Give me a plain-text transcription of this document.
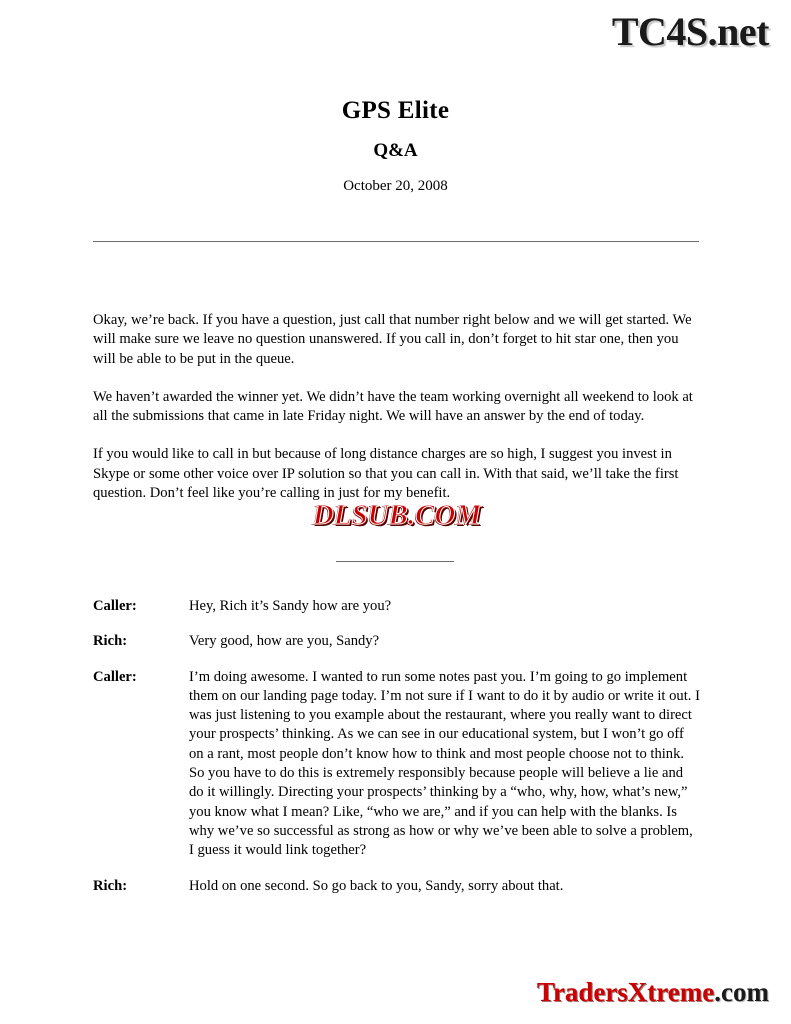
TC4S.net
GPS Elite
Q&A
October 20, 2008

Okay, we’re back. If you have a question, just call that number right below and we will get started. We will make sure we leave no question unanswered. If you call in, don’t forget to hit star one, then you will be able to be put in the queue.

We haven’t awarded the winner yet. We didn’t have the team working overnight all weekend to look at all the submissions that came in late Friday night. We will have an answer by the end of today.

If you would like to call in but because of long distance charges are so high, I suggest you invest in Skype or some other voice over IP solution so that you can call in. With that said, we’ll take the first question. Don’t feel like you’re calling in just for my benefit.

DLSUB.COM
Caller:	Hey, Rich it’s Sandy how are you?
Rich:	Very good, how are you, Sandy?
Caller:	I’m doing awesome. I wanted to run some notes past you. I’m going to go implement them on our landing page today. I’m not sure if I want to do it by audio or write it out. I was just listening to you example about the restaurant, where you really want to direct your prospects’ thinking. As we can see in our educational system, but I won’t go off on a rant, most people don’t know how to think and most people choose not to think. So you have to do this is extremely responsibly because people will believe a lie and do it willingly. Directing your prospects’ thinking by a “who, why, how, what’s new,” you know what I mean? Like, “who we are,” and if you can help with the blanks. Is why we’ve so successful as strong as how or why we’ve been able to solve a problem, I guess it would link together?
Rich:	Hold on one second. So go back to you, Sandy, sorry about that.
TradersXtreme.com
